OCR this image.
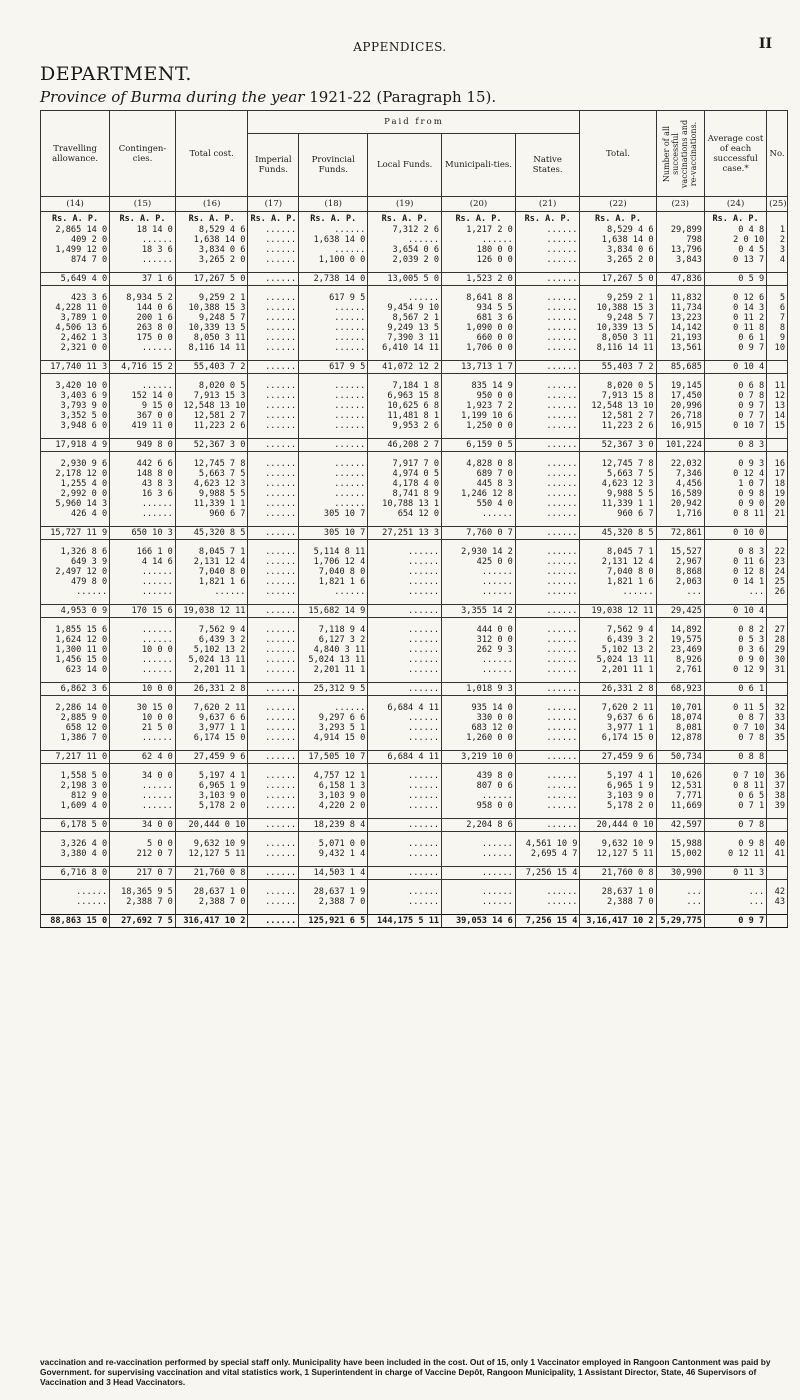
APPENDICES.	II
DEPARTMENT.
Province of Burma during the year 1921-22 (Paragraph 15).
Travelling allowance.	Contingen-cies.	Total cost.	Paid from					Total.	Number of all successful vaccinations and re-vaccinations.	Average cost of each successful case.*	No.
			Imperial Funds.	Provincial Funds.	Local Funds.	Municipali-ties.	Native States.				
(14)	(15)	(16)	(17)	(18)	(19)	(20)	(21)	(22)	(23)	(24)	(25)
Rs. A. P.	Rs. A. P.	Rs. A. P.	Rs. A. P.	Rs. A. P.	Rs. A. P.	Rs. A. P.	Rs. A. P.	Rs. A. P.		Rs. A. P.	
2,865 14 0	18 14 0	8,529 4 6	......	......	7,312 2 6	1,217 2 0	......	8,529 4 6	29,899	0 4 8	1
409 2 0	......	1,638 14 0	......	1,638 14 0	......	......	......	1,638 14 0	798	2 0 10	2
1,499 12 0	18 3 6	3,834 0 6	......	......	3,654 0 6	180 0 0	......	3,834 0 6	13,796	0 4 5	3
874 7 0	......	3,265 2 0	......	1,100 0 0	2,039 2 0	126 0 0	......	3,265 2 0	3,843	0 13 7	4

5,649 4 0	37 1 6	17,267 5 0	......	2,738 14 0	13,005 5 0	1,523 2 0	......	17,267 5 0	47,836	0 5 9	

423 3 6	8,934 5 2	9,259 2 1	......	617 9 5	......	8,641 8 8	......	9,259 2 1	11,832	0 12 6	5
4,228 11 0	144 0 6	10,388 15 3	......	......	9,454 9 10	934 5 5	......	10,388 15 3	11,734	0 14 3	6
3,789 1 0	200 1 6	9,248 5 7	......	......	8,567 2 1	681 3 6	......	9,248 5 7	13,223	0 11 2	7
4,506 13 6	263 8 0	10,339 13 5	......	......	9,249 13 5	1,090 0 0	......	10,339 13 5	14,142	0 11 8	8
2,462 1 3	175 0 0	8,050 3 11	......	......	7,390 3 11	660 0 0	......	8,050 3 11	21,193	0 6 1	9
2,321 0 0	......	8,116 14 11	......	......	6,410 14 11	1,706 0 0	......	8,116 14 11	13,561	0 9 7	10

17,740 11 3	4,716 15 2	55,403 7 2	......	617 9 5	41,072 12 2	13,713 1 7	......	55,403 7 2	85,685	0 10 4	

3,420 10 0	......	8,020 0 5	......	......	7,184 1 8	835 14 9	......	8,020 0 5	19,145	0 6 8	11
3,403 6 9	152 14 0	7,913 15 3	......	......	6,963 15 8	950 0 0	......	7,913 15 8	17,450	0 7 8	12
3,793 9 0	9 15 0	12,548 13 10	......	......	10,625 6 8	1,923 7 2	......	12,548 13 10	20,996	0 9 7	13
3,352 5 0	367 0 0	12,581 2 7	......	......	11,481 8 1	1,199 10 6	......	12,581 2 7	26,718	0 7 7	14
3,948 6 0	419 11 0	11,223 2 6	......	......	9,953 2 6	1,250 0 0	......	11,223 2 6	16,915	0 10 7	15

17,918 4 9	949 8 0	52,367 3 0	......	......	46,208 2 7	6,159 0 5	......	52,367 3 0	101,224	0 8 3	

2,930 9 6	442 6 6	12,745 7 8	......	......	7,917 7 0	4,828 0 8	......	12,745 7 8	22,032	0 9 3	16
2,178 12 0	148 8 0	5,663 7 5	......	......	4,974 0 5	689 7 0	......	5,663 7 5	7,346	0 12 4	17
1,255 4 0	43 8 3	4,623 12 3	......	......	4,178 4 0	445 8 3	......	4,623 12 3	4,456	1 0 7	18
2,992 0 0	16 3 6	9,988 5 5	......	......	8,741 8 9	1,246 12 8	......	9,988 5 5	16,589	0 9 8	19
5,960 14 3	......	11,339 1 1	......	......	10,788 13 1	550 4 0	......	11,339 1 1	20,942	0 9 0	20
426 4 0	......	960 6 7	......	305 10 7	654 12 0	......	......	960 6 7	1,716	0 8 11	21

15,727 11 9	650 10 3	45,320 8 5	......	305 10 7	27,251 13 3	7,760 0 7	......	45,320 8 5	72,861	0 10 0	

1,326 8 6	166 1 0	8,045 7 1	......	5,114 8 11	......	2,930 14 2	......	8,045 7 1	15,527	0 8 3	22
649 3 9	4 14 6	2,131 12 4	......	1,706 12 4	......	425 0 0	......	2,131 12 4	2,967	0 11 6	23
2,497 12 0	......	7,040 8 0	......	7,040 8 0	......	......	......	7,040 8 0	8,868	0 12 8	24
479 8 0	......	1,821 1 6	......	1,821 1 6	......	......	......	1,821 1 6	2,063	0 14 1	25
......	......	......	......	......	......	......	......	......	...	...	26

4,953 0 9	170 15 6	19,038 12 11	......	15,682 14 9	......	3,355 14 2	......	19,038 12 11	29,425	0 10 4	

1,855 15 6	......	7,562 9 4	......	7,118 9 4	......	444 0 0	......	7,562 9 4	14,892	0 8 2	27
1,624 12 0	......	6,439 3 2	......	6,127 3 2	......	312 0 0	......	6,439 3 2	19,575	0 5 3	28
1,300 11 0	10 0 0	5,102 13 2	......	4,840 3 11	......	262 9 3	......	5,102 13 2	23,469	0 3 6	29
1,456 15 0	......	5,024 13 11	......	5,024 13 11	......	......	......	5,024 13 11	8,926	0 9 0	30
623 14 0	......	2,201 11 1	......	2,201 11 1	......	......	......	2,201 11 1	2,761	0 12 9	31

6,862 3 6	10 0 0	26,331 2 8	......	25,312 9 5	......	1,018 9 3	......	26,331 2 8	68,923	0 6 1	

2,286 14 0	30 15 0	7,620 2 11	......	......	6,684 4 11	935 14 0	......	7,620 2 11	10,701	0 11 5	32
2,885 9 0	10 0 0	9,637 6 6	......	9,297 6 6	......	330 0 0	......	9,637 6 6	18,074	0 8 7	33
658 12 0	21 5 0	3,977 1 1	......	3,293 5 1	......	683 12 0	......	3,977 1 1	8,081	0 7 10	34
1,386 7 0	......	6,174 15 0	......	4,914 15 0	......	1,260 0 0	......	6,174 15 0	12,878	0 7 8	35

7,217 11 0	62 4 0	27,459 9 6	......	17,505 10 7	6,684 4 11	3,219 10 0	......	27,459 9 6	50,734	0 8 8	

1,558 5 0	34 0 0	5,197 4 1	......	4,757 12 1	......	439 8 0	......	5,197 4 1	10,626	0 7 10	36
2,198 3 0	......	6,965 1 9	......	6,158 1 3	......	807 0 6	......	6,965 1 9	12,531	0 8 11	37
812 9 0	......	3,103 9 0	......	3,103 9 0	......	......	......	3,103 9 0	7,771	0 6 5	38
1,609 4 0	......	5,178 2 0	......	4,220 2 0	......	958 0 0	......	5,178 2 0	11,669	0 7 1	39

6,178 5 0	34 0 0	20,444 0 10	......	18,239 8 4	......	2,204 8 6	......	20,444 0 10	42,597	0 7 8	

3,326 4 0	5 0 0	9,632 10 9	......	5,071 0 0	......	......	4,561 10 9	9,632 10 9	15,988	0 9 8	40
3,380 4 0	212 0 7	12,127 5 11	......	9,432 1 4	......	......	2,695 4 7	12,127 5 11	15,002	0 12 11	41

6,716 8 0	217 0 7	21,760 0 8	......	14,503 1 4	......	......	7,256 15 4	21,760 0 8	30,990	0 11 3	

......	18,365 9 5	28,637 1 0	......	28,637 1 9	......	......	......	28,637 1 0	...	...	42
......	2,388 7 0	2,388 7 0	......	2,388 7 0	......	......	......	2,388 7 0	...	...	43

88,863 15 0	27,692 7 5	316,417 10 2	......	125,921 6 5	144,175 5 11	39,053 14 6	7,256 15 4	3,16,417 10 2	5,29,775	0 9 7	
vaccination and re-vaccination performed by special staff only. Municipality have been included in the cost. Out of 15, only 1 Vaccinator employed in Rangoon Cantonment was paid by Government. for supervising vaccination and vital statistics work, 1 Superintendent in charge of Vaccine Depôt, Rangoon Municipality, 1 Assistant Director, State, 46 Supervisors of Vaccination and 3 Head Vaccinators.
